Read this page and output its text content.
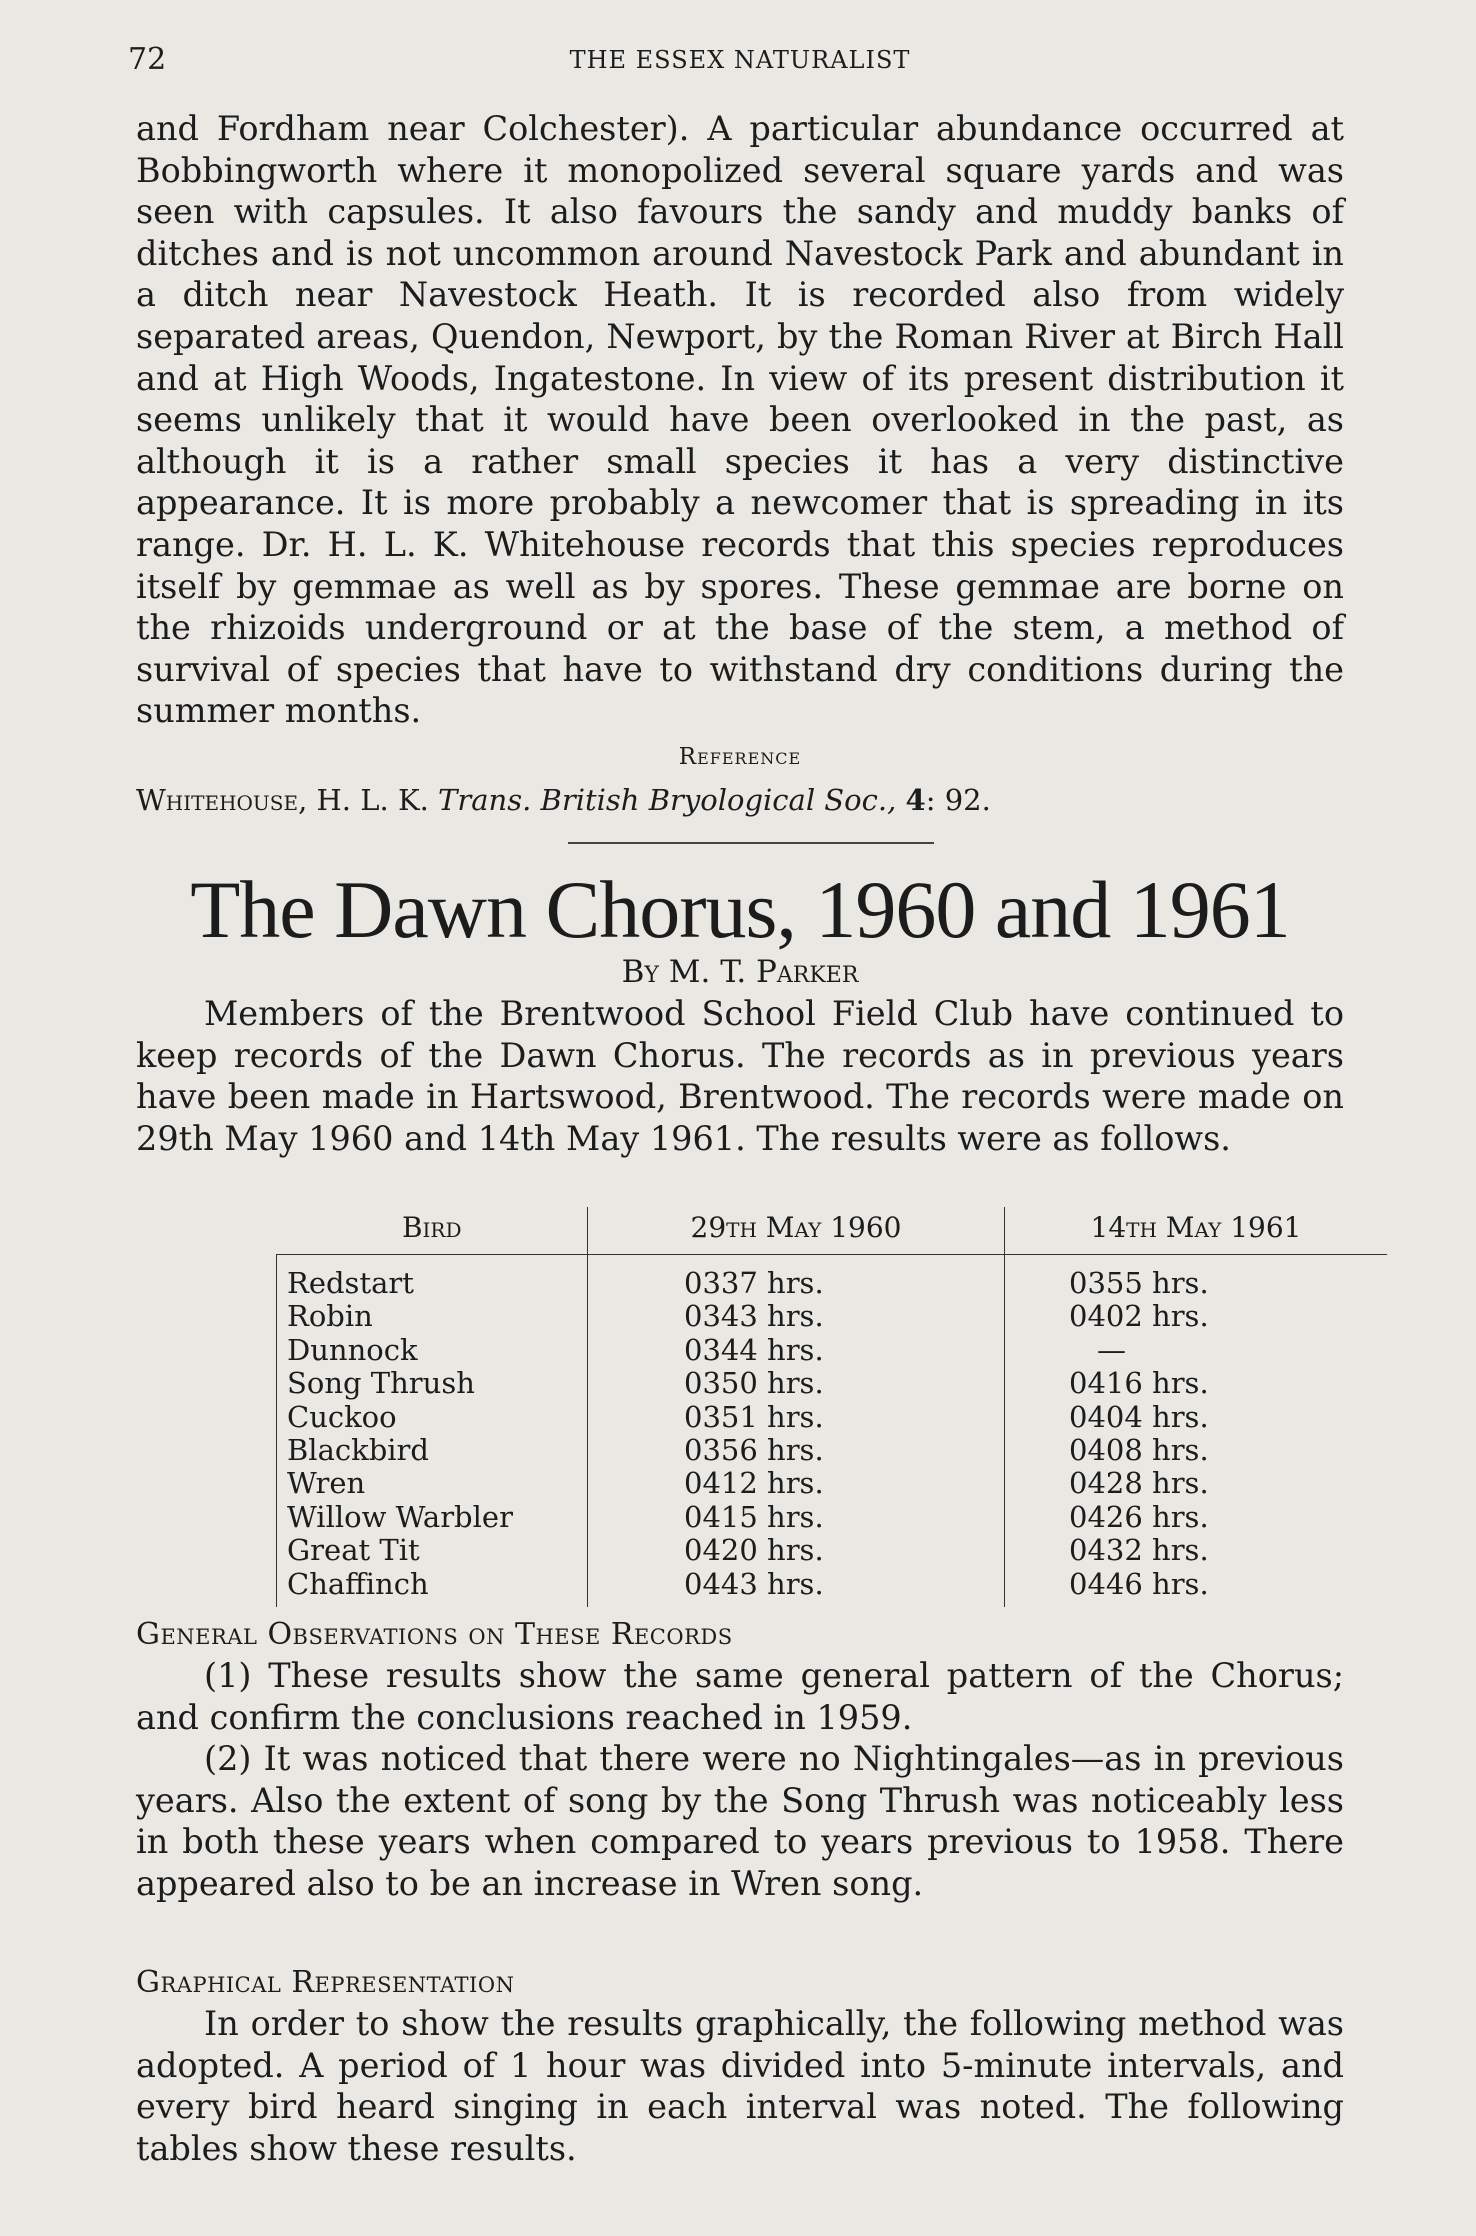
72	THE ESSEX NATURALIST

and Fordham near Colchester). A particular abundance occurred at Bobbingworth where it monopolized several square yards and was seen with capsules. It also favours the sandy and muddy banks of ditches and is not uncommon around Navestock Park and abundant in a ditch near Navestock Heath. It is recorded also from widely separated areas, Quendon, Newport, by the Roman River at Birch Hall and at High Woods, Ingatestone. In view of its present distribution it seems unlikely that it would have been overlooked in the past, as although it is a rather small species it has a very distinctive appearance. It is more probably a newcomer that is spreading in its range. Dr. H. L. K. Whitehouse records that this species reproduces itself by gemmae as well as by spores. These gemmae are borne on the rhizoids underground or at the base of the stem, a method of survival of species that have to withstand dry conditions during the summer months.

Reference
Whitehouse, H. L. K. Trans. British Bryological Soc., 4: 92.
The Dawn Chorus, 1960 and 1961
By M. T. Parker

Members of the Brentwood School Field Club have continued to keep records of the Dawn Chorus. The records as in previous years have been made in Hartswood, Brentwood. The records were made on 29th May 1960 and 14th May 1961. The results were as follows.

Bird	29th May 1960	14th May 1961
Redstart	0337 hrs.	0355 hrs.
Robin	0343 hrs.	0402 hrs.
Dunnock	0344 hrs.	—
Song Thrush	0350 hrs.	0416 hrs.
Cuckoo	0351 hrs.	0404 hrs.
Blackbird	0356 hrs.	0408 hrs.
Wren	0412 hrs.	0428 hrs.
Willow Warbler	0415 hrs.	0426 hrs.
Great Tit	0420 hrs.	0432 hrs.
Chaffinch	0443 hrs.	0446 hrs.
General Observations on These Records

(1) These results show the same general pattern of the Chorus; and confirm the conclusions reached in 1959.

(2) It was noticed that there were no Nightingales—as in previous years. Also the extent of song by the Song Thrush was noticeably less in both these years when compared to years previous to 1958. There appeared also to be an increase in Wren song.

Graphical Representation

In order to show the results graphically, the following method was adopted. A period of 1 hour was divided into 5-minute intervals, and every bird heard singing in each interval was noted. The following tables show these results.
